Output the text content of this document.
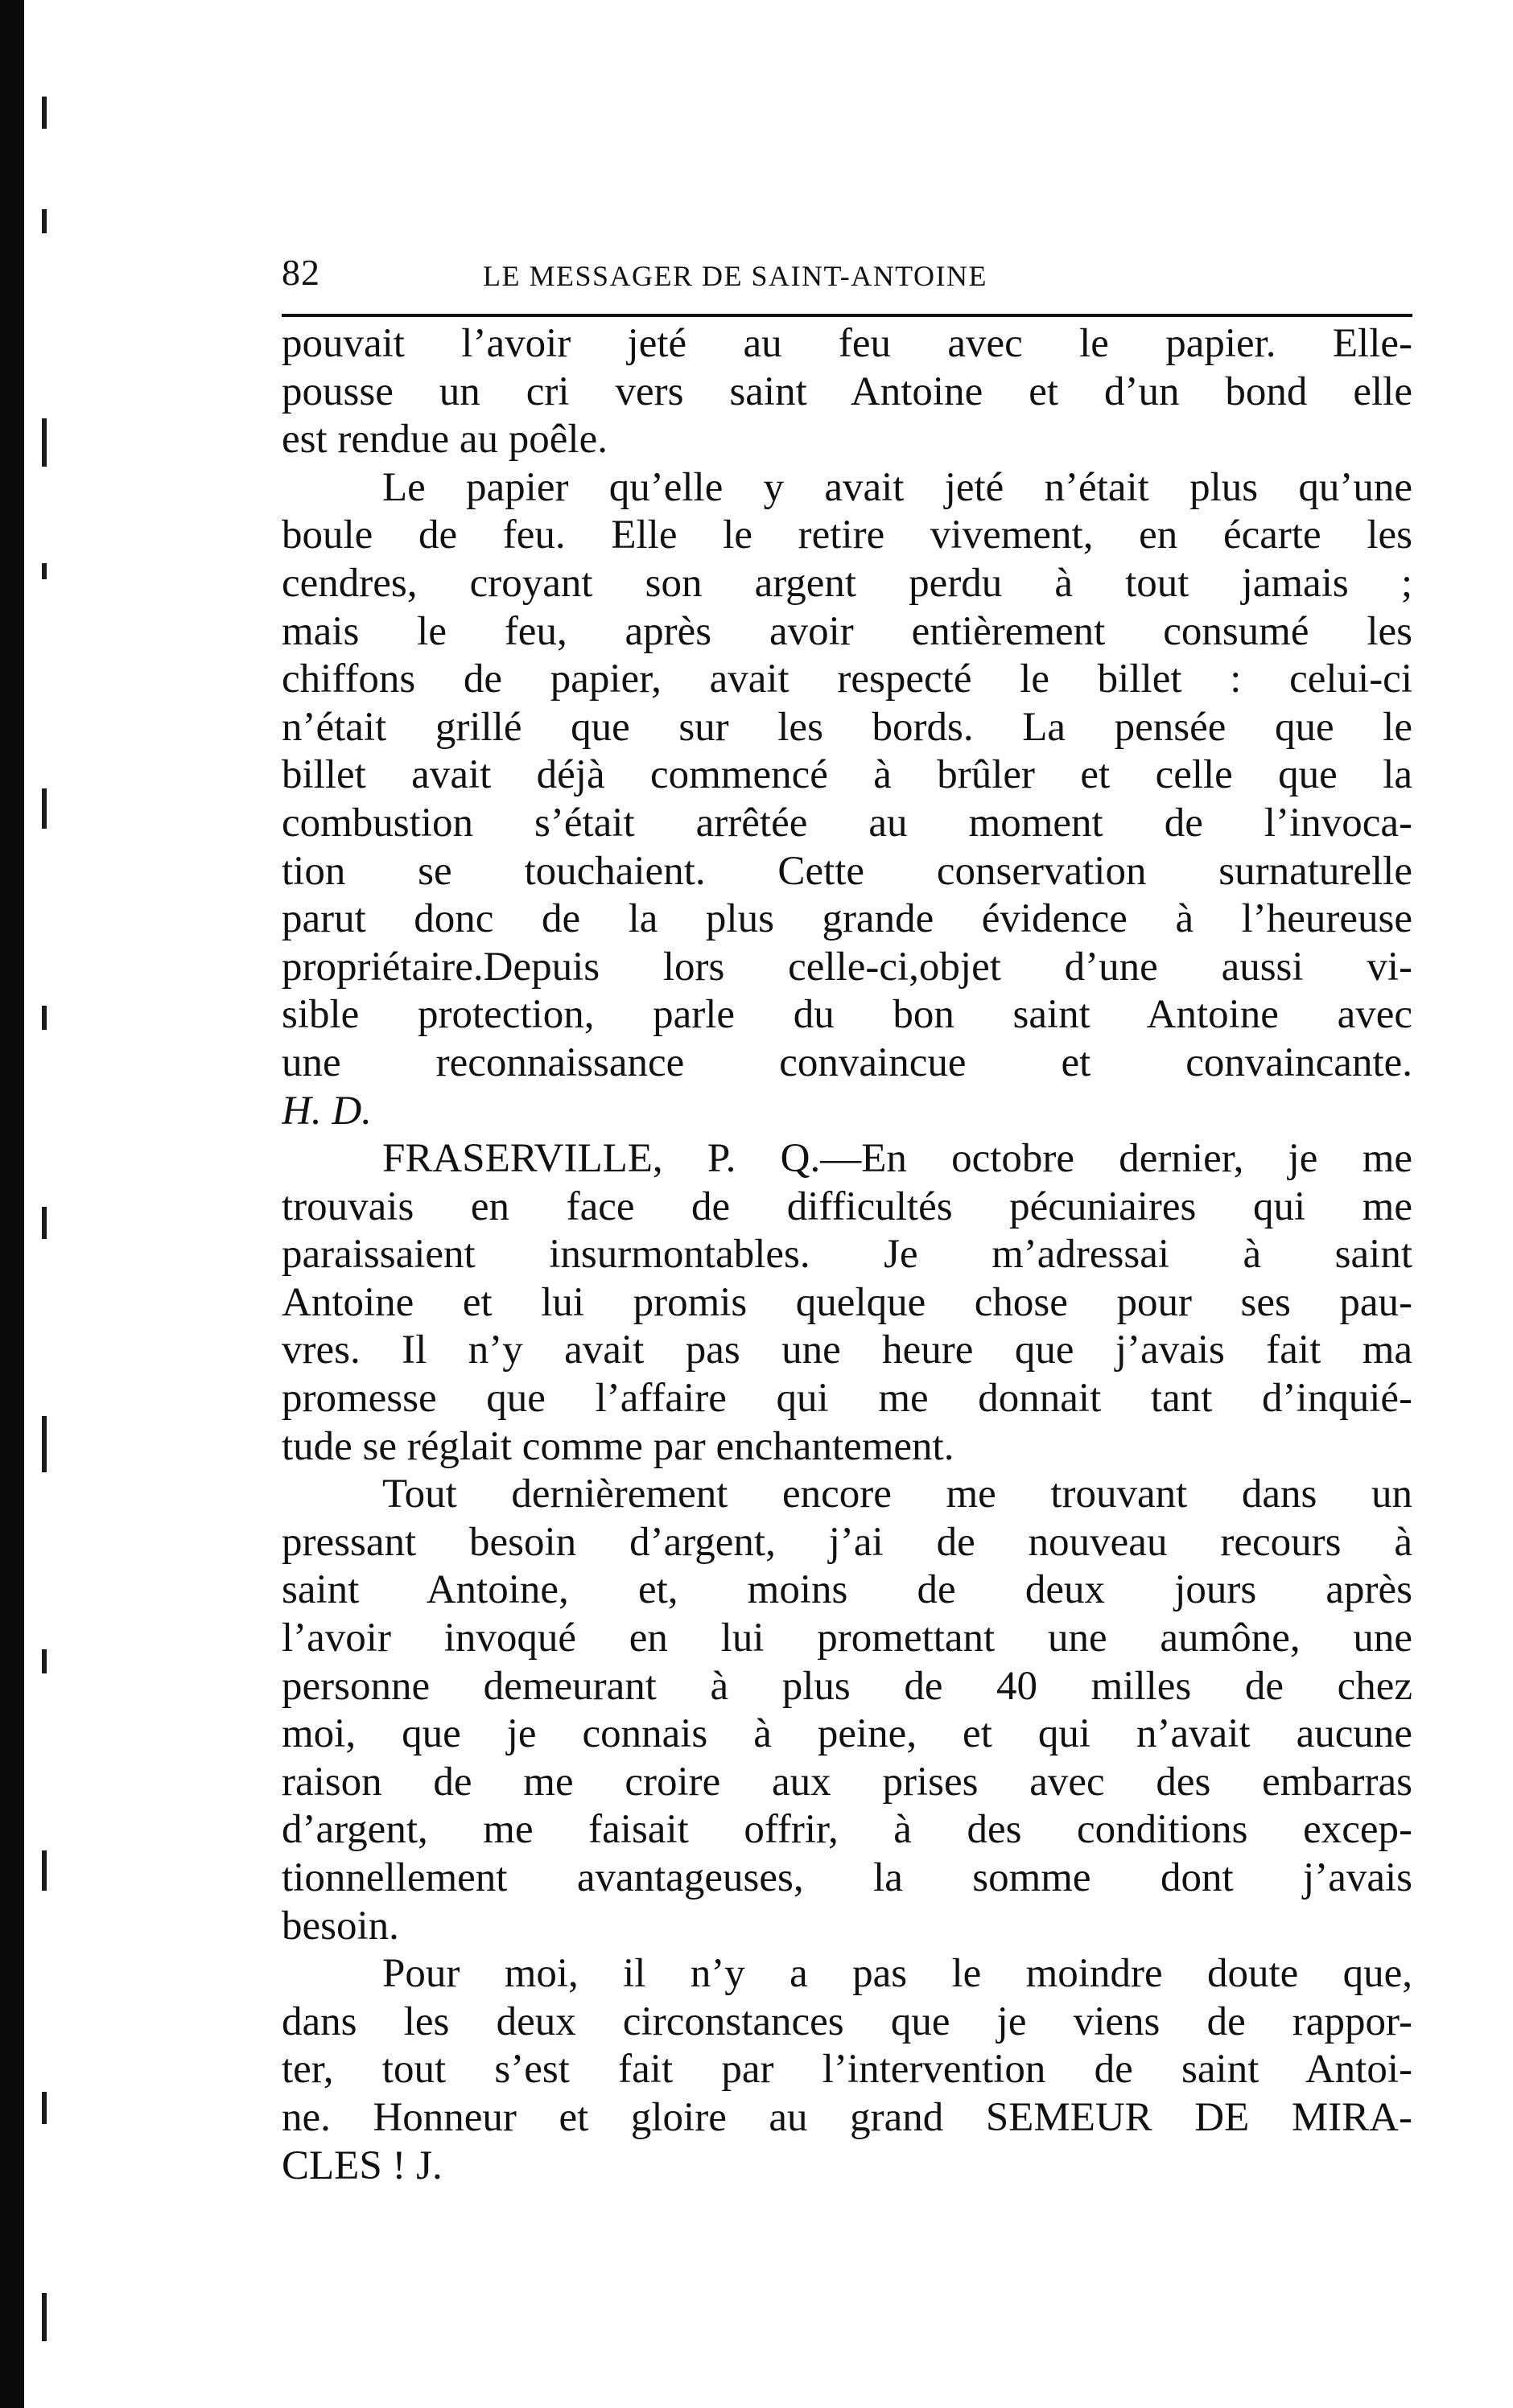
82	LE MESSAGER DE SAINT-ANTOINE
pouvait l’avoir jeté au feu avec le papier. Elle-
pousse un cri vers saint Antoine et d’un bond elle
est rendue au poêle.
Le papier qu’elle y avait jeté n’était plus qu’une
boule de feu. Elle le retire vivement, en écarte les
cendres, croyant son argent perdu à tout jamais ;
mais le feu, après avoir entièrement consumé les
chiffons de papier, avait respecté le billet : celui-ci
n’était grillé que sur les bords. La pensée que le
billet avait déjà commencé à brûler et celle que la
combustion s’était arrêtée au moment de l’invoca-
tion se touchaient. Cette conservation surnaturelle
parut donc de la plus grande évidence à l’heureuse
propriétaire.Depuis lors celle-ci,objet d’une aussi vi-
sible protection, parle du bon saint Antoine avec
une reconnaissance convaincue et convaincante.
H. D.
FRASERVILLE, P. Q.—En octobre dernier, je me
trouvais en face de difficultés pécuniaires qui me
paraissaient insurmontables. Je m’adressai à saint
Antoine et lui promis quelque chose pour ses pau-
vres. Il n’y avait pas une heure que j’avais fait ma
promesse que l’affaire qui me donnait tant d’inquié-
tude se réglait comme par enchantement.
Tout dernièrement encore me trouvant dans un
pressant besoin d’argent, j’ai de nouveau recours à
saint Antoine, et, moins de deux jours après
l’avoir invoqué en lui promettant une aumône, une
personne demeurant à plus de 40 milles de chez
moi, que je connais à peine, et qui n’avait aucune
raison de me croire aux prises avec des embarras
d’argent, me faisait offrir, à des conditions excep-
tionnellement avantageuses, la somme dont j’avais
besoin.
Pour moi, il n’y a pas le moindre doute que,
dans les deux circonstances que je viens de rappor-
ter, tout s’est fait par l’intervention de saint Antoi-
ne. Honneur et gloire au grand SEMEUR DE MIRA-
CLES ! J.
